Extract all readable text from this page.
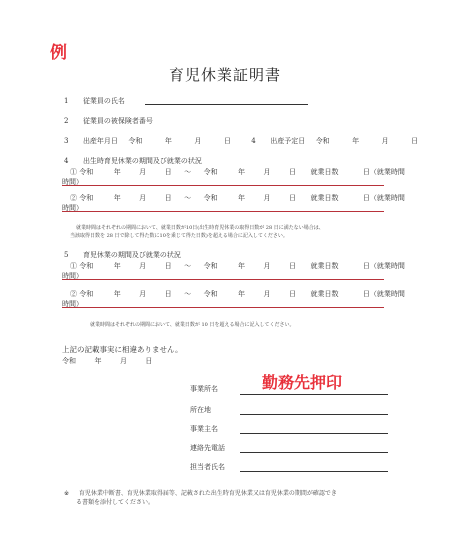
例
育児休業証明書
1 従業員の氏名
2 従業員の被保険者番号
3 出産年月日 令和	年	月	日	4 出産予定日 令和	年	月	日
4 出生時育児休業の期間及び就業の状況
① 令和	年	月	日 ～ 令和	年	月	日 就業日数	日（就業時間
時間）
② 令和	年	月	日 ～ 令和	年	月	日 就業日数	日（就業時間
時間）
就業時間はそれぞれの期間において、就業日数が10日(出生時育児休業の取得日数が 28 日に満たない場合は、
当該取得日数を 28 日で除して得た数に10を乗じて得た日数)を超える場合に記入してください。
5 育児休業の期間及び就業の状況
① 令和	年	月	日 ～ 令和	年	月	日 就業日数	日（就業時間
時間）
② 令和	年	月	日 ～ 令和	年	月	日 就業日数	日（就業時間
時間）
就業時間はそれぞれの期間において、就業日数が 10 日を超える場合に記入してください。
上記の記載事実に相違ありません。
令和	年	月	日
勤務先押印
事業所名
所在地
事業主名
連絡先電話
担当者氏名
※ 育児休業中断書、育児休業取得届等、記載された出生時育児休業又は育児休業の期間が確認でき
る書類を添付してください。
